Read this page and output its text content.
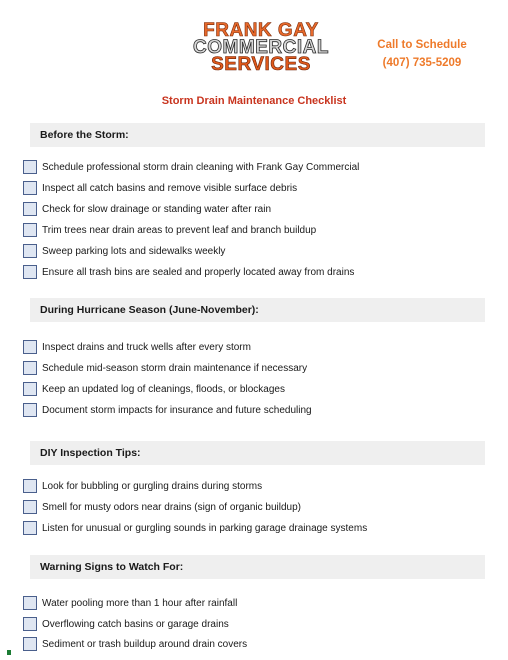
FRANK GAY
COMMERCIAL
SERVICES
Call to Schedule
(407) 735-5209
Storm Drain Maintenance Checklist
Before the Storm:
Schedule professional storm drain cleaning with Frank Gay Commercial
Inspect all catch basins and remove visible surface debris
Check for slow drainage or standing water after rain
Trim trees near drain areas to prevent leaf and branch buildup
Sweep parking lots and sidewalks weekly
Ensure all trash bins are sealed and properly located away from drains
During Hurricane Season (June-November):
Inspect drains and truck wells after every storm
Schedule mid-season storm drain maintenance if necessary
Keep an updated log of cleanings, floods, or blockages
Document storm impacts for insurance and future scheduling
DIY Inspection Tips:
Look for bubbling or gurgling drains during storms
Smell for musty odors near drains (sign of organic buildup)
Listen for unusual or gurgling sounds in parking garage drainage systems
Warning Signs to Watch For:
Water pooling more than 1 hour after rainfall
Overflowing catch basins or garage drains
Sediment or trash buildup around drain covers
